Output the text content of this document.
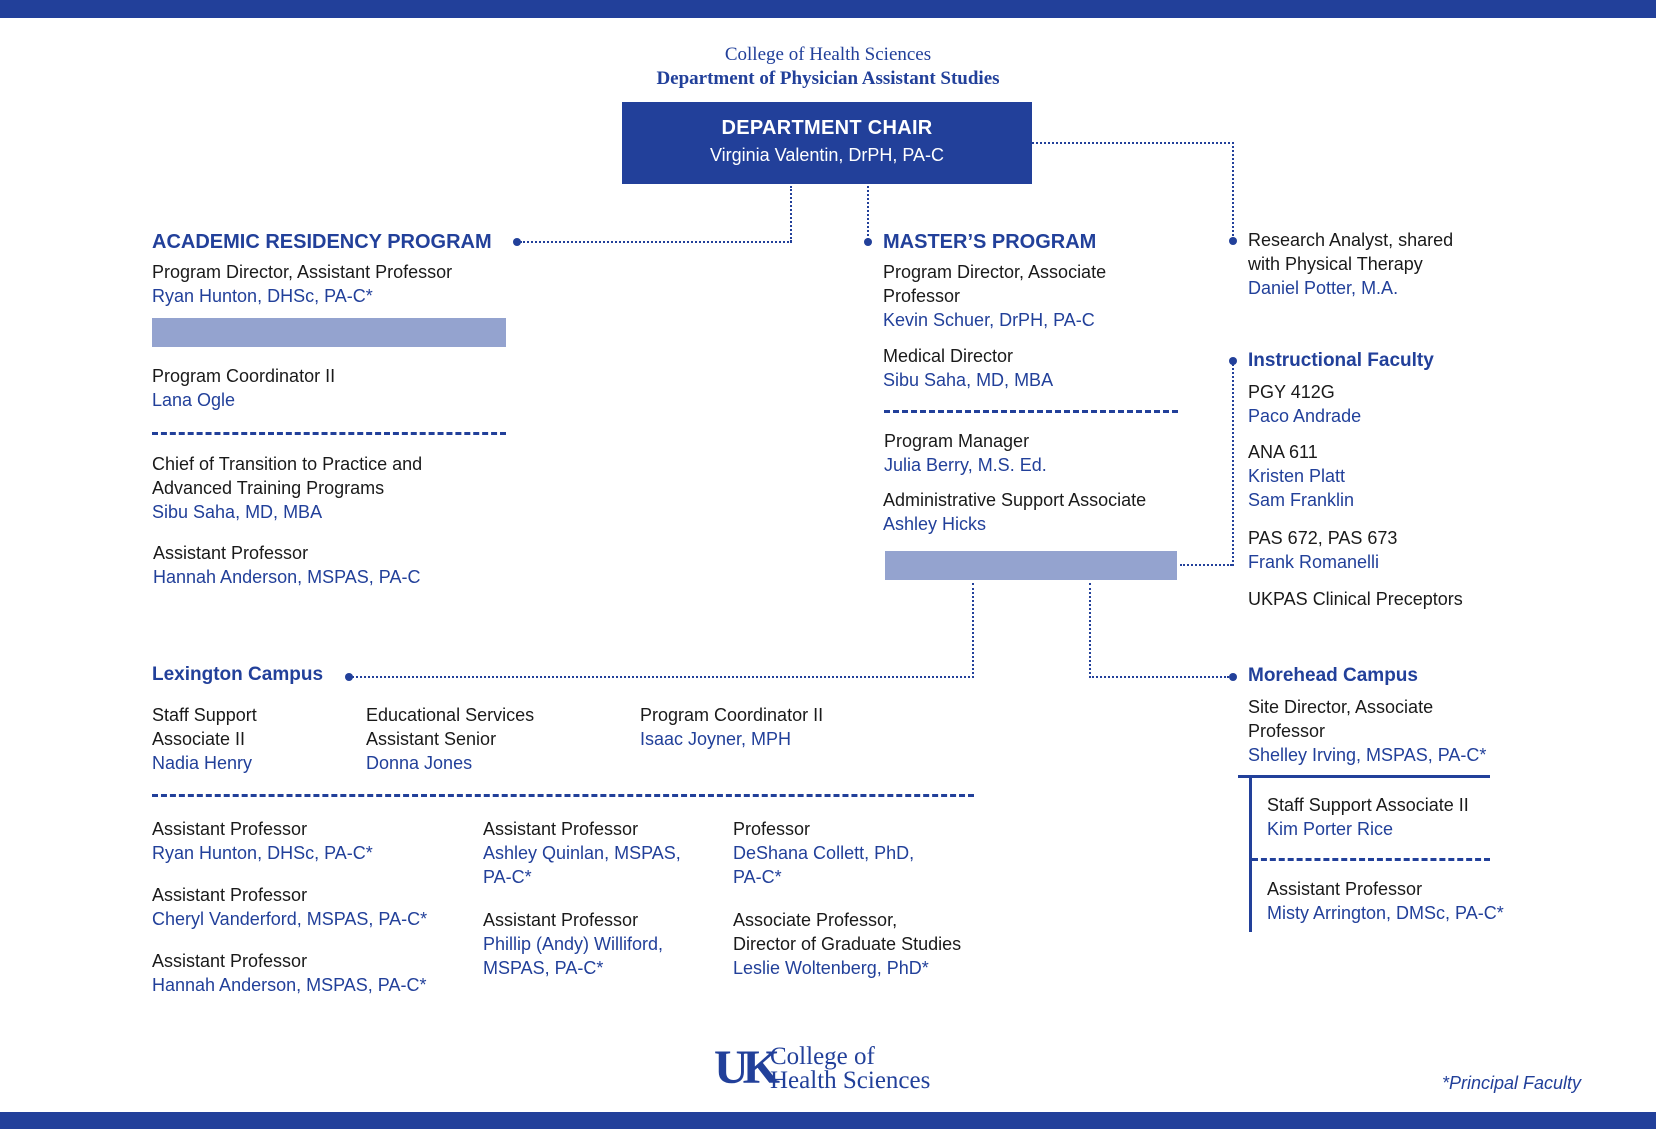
College of Health Sciences
Department of Physician Assistant Studies
DEPARTMENT CHAIR
Virginia Valentin, DrPH, PA-C
ACADEMIC RESIDENCY PROGRAM
Program Director, Assistant Professor
Ryan Hunton, DHSc, PA-C*
Program Coordinator II
Lana Ogle
Chief of Transition to Practice and
Advanced Training Programs
Sibu Saha, MD, MBA
Assistant Professor
Hannah Anderson, MSPAS, PA-C
MASTER’S PROGRAM
Program Director, Associate
Professor
Kevin Schuer, DrPH, PA-C
Medical Director
Sibu Saha, MD, MBA
Program Manager
Julia Berry, M.S. Ed.
Administrative Support Associate
Ashley Hicks
Research Analyst, shared
with Physical Therapy
Daniel Potter, M.A.
Instructional Faculty
PGY 412G
Paco Andrade
ANA 611
Kristen Platt
Sam Franklin
PAS 672, PAS 673
Frank Romanelli
UKPAS Clinical Preceptors
Lexington Campus
Staff Support
Associate II
Nadia Henry
Educational Services
Assistant Senior
Donna Jones
Program Coordinator II
Isaac Joyner, MPH
Assistant Professor
Ryan Hunton, DHSc, PA-C*
Assistant Professor
Cheryl Vanderford, MSPAS, PA-C*
Assistant Professor
Hannah Anderson, MSPAS, PA-C*
Assistant Professor
Ashley Quinlan, MSPAS,
PA-C*
Assistant Professor
Phillip (Andy) Williford,
MSPAS, PA-C*
Professor
DeShana Collett, PhD,
PA-C*
Associate Professor,
Director of Graduate Studies
Leslie Woltenberg, PhD*
Morehead Campus
Site Director, Associate
Professor
Shelley Irving, MSPAS, PA-C*
Staff Support Associate II
Kim Porter Rice
Assistant Professor
Misty Arrington, DMSc, PA-C*
UK
College of
Health Sciences	*Principal Faculty
